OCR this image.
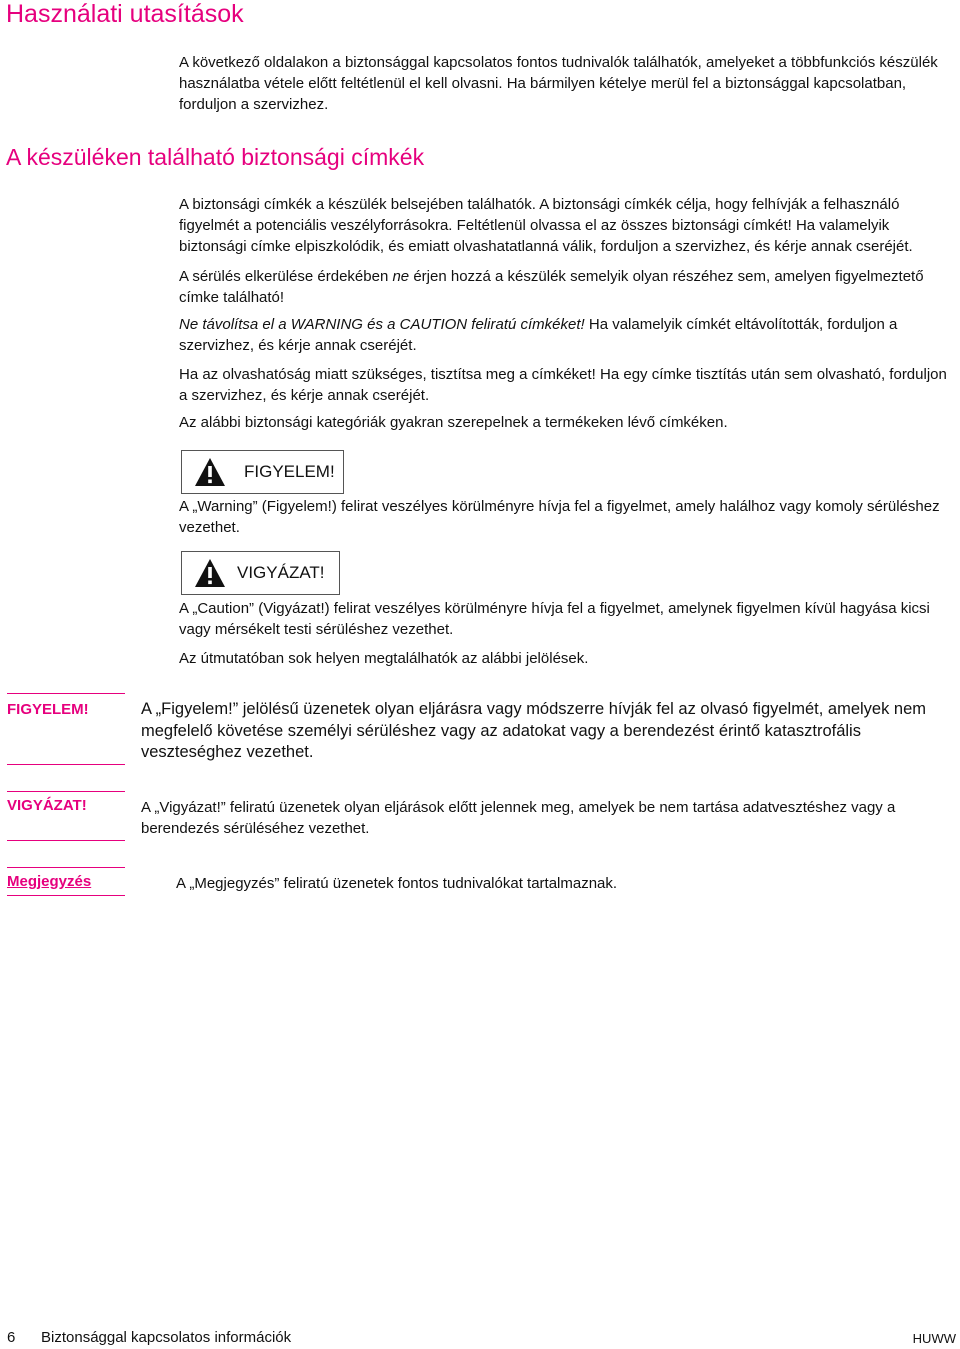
Használati utasítások

A következő oldalakon a biztonsággal kapcsolatos fontos tudnivalók találhatók, amelyeket a többfunkciós készülék használatba vétele előtt feltétlenül el kell olvasni. Ha bármilyen kételye merül fel a biztonsággal kapcsolatban, forduljon a szervizhez.

A készüléken található biztonsági címkék

A biztonsági címkék a készülék belsejében találhatók. A biztonsági címkék célja, hogy felhívják a felhasználó figyelmét a potenciális veszélyforrásokra. Feltétlenül olvassa el az összes biztonsági címkét! Ha valamelyik biztonsági címke elpiszkolódik, és emiatt olvashatatlanná válik, forduljon a szervizhez, és kérje annak cseréjét.

A sérülés elkerülése érdekében ne érjen hozzá a készülék semelyik olyan részéhez sem, amelyen figyelmeztető címke található!

Ne távolítsa el a WARNING és a CAUTION feliratú címkéket! Ha valamelyik címkét eltávolították, forduljon a szervizhez, és kérje annak cseréjét.

Ha az olvashatóság miatt szükséges, tisztítsa meg a címkéket! Ha egy címke tisztítás után sem olvasható, forduljon a szervizhez, és kérje annak cseréjét.

Az alábbi biztonsági kategóriák gyakran szerepelnek a termékeken lévő címkéken.

FIGYELEM!

A „Warning” (Figyelem!) felirat veszélyes körülményre hívja fel a figyelmet, amely halálhoz vagy komoly sérüléshez vezethet.

VIGYÁZAT!

A „Caution” (Vigyázat!) felirat veszélyes körülményre hívja fel a figyelmet, amelynek figyelmen kívül hagyása kicsi vagy mérsékelt testi sérüléshez vezethet.

Az útmutatóban sok helyen megtalálhatók az alábbi jelölések.

FIGYELEM!	A „Figyelem!” jelölésű üzenetek olyan eljárásra vagy módszerre hívják fel az olvasó figyelmét, amelyek nem megfelelő követése személyi sérüléshez vagy az adatokat vagy a berendezést érintő katasztrofális veszteséghez vezethet.

VIGYÁZAT!	A „Vigyázat!” feliratú üzenetek olyan eljárások előtt jelennek meg, amelyek be nem tartása adatvesztéshez vagy a berendezés sérüléséhez vezethet.

Megjegyzés	A „Megjegyzés” feliratú üzenetek fontos tudnivalókat tartalmaznak.

6 Biztonsággal kapcsolatos információk	HUWW
